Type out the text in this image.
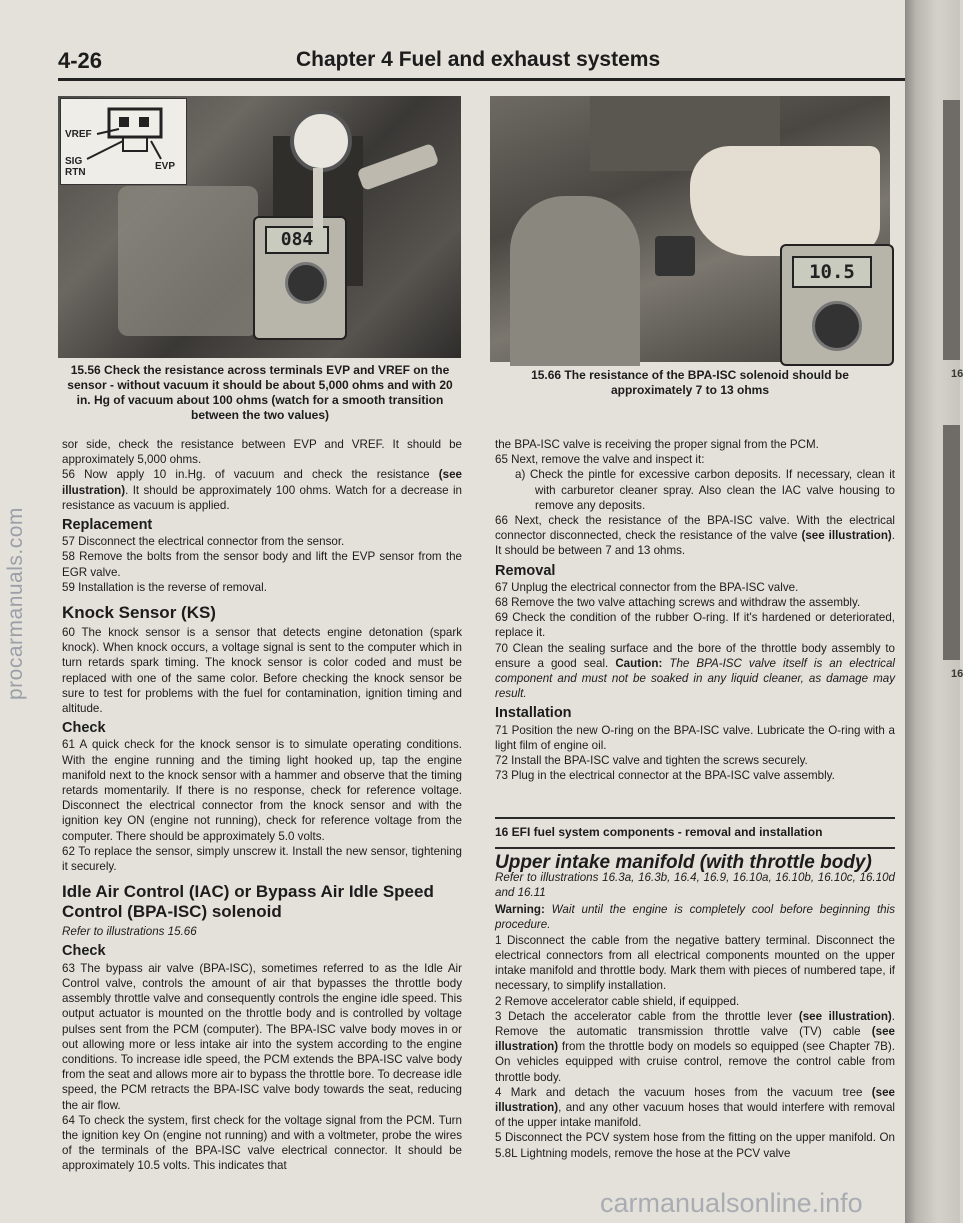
4-26	Chapter 4 Fuel and exhaust systems
084
VREF
SIG
RTN
EVP
15.56 Check the resistance across terminals EVP and VREF on the sensor - without vacuum it should be about 5,000 ohms and with 20 in. Hg of vacuum about 100 ohms (watch for a smooth transition between the two values)
10.5
15.66 The resistance of the BPA-ISC solenoid should be approximately 7 to 13 ohms

sor side, check the resistance between EVP and VREF. It should be approximately 5,000 ohms.

56 Now apply 10 in.Hg. of vacuum and check the resistance (see illustration). It should be approximately 100 ohms. Watch for a decrease in resistance as vacuum is applied.

Replacement

57 Disconnect the electrical connector from the sensor.

58 Remove the bolts from the sensor body and lift the EVP sensor from the EGR valve.

59 Installation is the reverse of removal.

Knock Sensor (KS)

60 The knock sensor is a sensor that detects engine detonation (spark knock). When knock occurs, a voltage signal is sent to the computer which in turn retards spark timing. The knock sensor is color coded and must be replaced with one of the same color. Before checking the knock sensor be sure to test for problems with the fuel for contamination, ignition timing and altitude.

Check

61 A quick check for the knock sensor is to simulate operating conditions. With the engine running and the timing light hooked up, tap the engine manifold next to the knock sensor with a hammer and observe that the timing retards momentarily. If there is no response, check for reference voltage. Disconnect the electrical connector from the knock sensor and with the ignition key ON (engine not running), check for reference voltage from the computer. There should be approximately 5.0 volts.

62 To replace the sensor, simply unscrew it. Install the new sensor, tightening it securely.

Idle Air Control (IAC) or Bypass Air Idle Speed Control (BPA-ISC) solenoid

Refer to illustrations 15.66

Check

63 The bypass air valve (BPA-ISC), sometimes referred to as the Idle Air Control valve, controls the amount of air that bypasses the throttle body assembly throttle valve and consequently controls the engine idle speed. This output actuator is mounted on the throttle body and is controlled by voltage pulses sent from the PCM (computer). The BPA-ISC valve body moves in or out allowing more or less intake air into the system according to the engine conditions. To increase idle speed, the PCM extends the BPA-ISC valve body from the seat and allows more air to bypass the throttle bore. To decrease idle speed, the PCM retracts the BPA-ISC valve body towards the seat, reducing the air flow.

64 To check the system, first check for the voltage signal from the PCM. Turn the ignition key On (engine not running) and with a voltmeter, probe the wires of the terminals of the BPA-ISC valve electrical connector. It should be approximately 10.5 volts. This indicates that

the BPA-ISC valve is receiving the proper signal from the PCM.

65 Next, remove the valve and inspect it:

a) Check the pintle for excessive carbon deposits. If necessary, clean it with carburetor cleaner spray. Also clean the IAC valve housing to remove any deposits.

66 Next, check the resistance of the BPA-ISC valve. With the electrical connector disconnected, check the resistance of the valve (see illustration). It should be between 7 and 13 ohms.

Removal

67 Unplug the electrical connector from the BPA-ISC valve.

68 Remove the two valve attaching screws and withdraw the assembly.

69 Check the condition of the rubber O-ring. If it's hardened or deteriorated, replace it.

70 Clean the sealing surface and the bore of the throttle body assembly to ensure a good seal. Caution: The BPA-ISC valve itself is an electrical component and must not be soaked in any liquid cleaner, as damage may result.

Installation

71 Position the new O-ring on the BPA-ISC valve. Lubricate the O-ring with a light film of engine oil.

72 Install the BPA-ISC valve and tighten the screws securely.

73 Plug in the electrical connector at the BPA-ISC valve assembly.

16 EFI fuel system components - removal and installation

Upper intake manifold (with throttle body)

Refer to illustrations 16.3a, 16.3b, 16.4, 16.9, 16.10a, 16.10b, 16.10c, 16.10d and 16.11

Warning: Wait until the engine is completely cool before beginning this procedure.

1 Disconnect the cable from the negative battery terminal. Disconnect the electrical connectors from all electrical components mounted on the upper intake manifold and throttle body. Mark them with pieces of numbered tape, if necessary, to simplify installation.

2 Remove accelerator cable shield, if equipped.

3 Detach the accelerator cable from the throttle lever (see illustration). Remove the automatic transmission throttle valve (TV) cable (see illustration) from the throttle body on models so equipped (see Chapter 7B). On vehicles equipped with cruise control, remove the control cable from throttle body.

4 Mark and detach the vacuum hoses from the vacuum tree (see illustration), and any other vacuum hoses that would interfere with removal of the upper intake manifold.

5 Disconnect the PCV system hose from the fitting on the upper manifold. On 5.8L Lightning models, remove the hose at the PCV valve

procarmanuals.com
16
16
carmanualsonline.info
